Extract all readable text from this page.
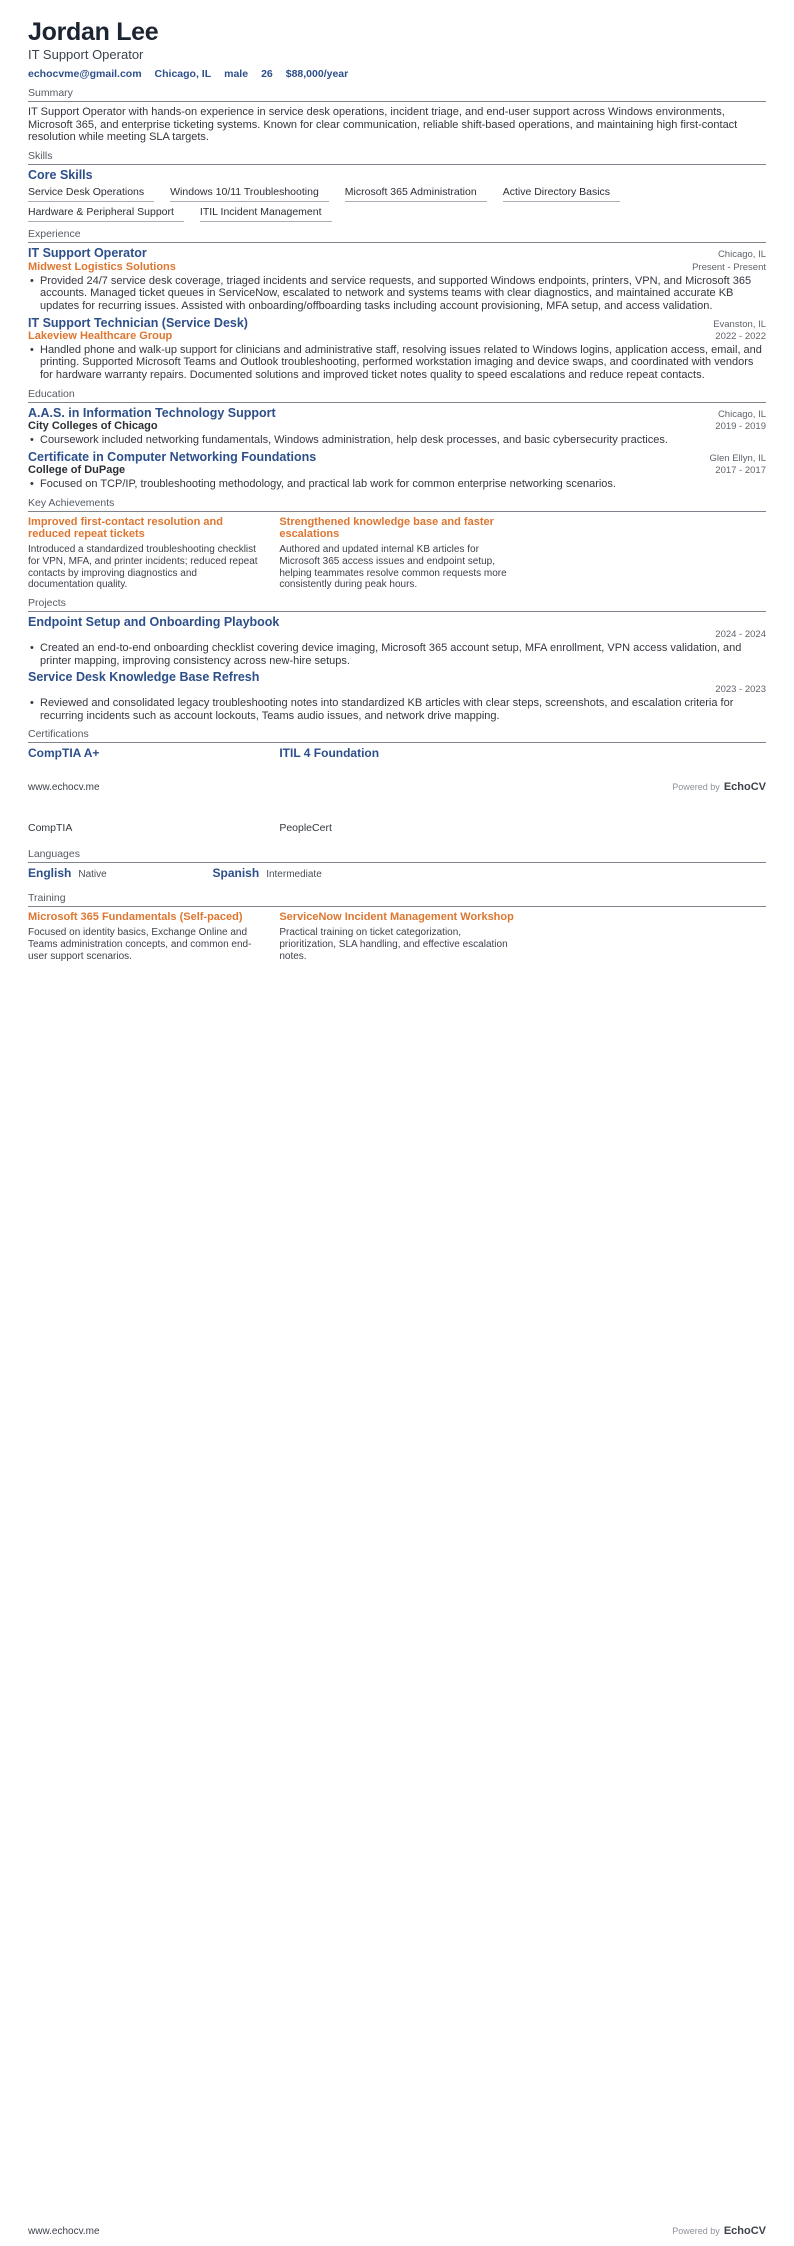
Jordan Lee
IT Support Operator
echocvme@gmail.com Chicago, IL male 26 $88,000/year
Summary
IT Support Operator with hands-on experience in service desk operations, incident triage, and end-user support across Windows environments, Microsoft 365, and enterprise ticketing systems. Known for clear communication, reliable shift-based operations, and maintaining high first-contact resolution while meeting SLA targets.
Skills
Core Skills
Service Desk Operations	Windows 10/11 Troubleshooting	Microsoft 365 Administration	Active Directory Basics
Hardware & Peripheral Support	ITIL Incident Management
Experience
IT Support Operator	Chicago, IL
Midwest Logistics Solutions	Present - Present
• Provided 24/7 service desk coverage, triaged incidents and service requests, and supported Windows endpoints, printers, VPN, and Microsoft 365 accounts. Managed ticket queues in ServiceNow, escalated to network and systems teams with clear diagnostics, and maintained accurate KB updates for recurring issues. Assisted with onboarding/offboarding tasks including account provisioning, MFA setup, and access validation.
IT Support Technician (Service Desk)	Evanston, IL
Lakeview Healthcare Group	2022 - 2022
• Handled phone and walk-up support for clinicians and administrative staff, resolving issues related to Windows logins, application access, email, and printing. Supported Microsoft Teams and Outlook troubleshooting, performed workstation imaging and device swaps, and coordinated with vendors for hardware warranty repairs. Documented solutions and improved ticket notes quality to speed escalations and reduce repeat contacts.
Education
A.A.S. in Information Technology Support	Chicago, IL
City Colleges of Chicago	2019 - 2019
• Coursework included networking fundamentals, Windows administration, help desk processes, and basic cybersecurity practices.
Certificate in Computer Networking Foundations	Glen Ellyn, IL
College of DuPage	2017 - 2017
• Focused on TCP/IP, troubleshooting methodology, and practical lab work for common enterprise networking scenarios.
Key Achievements
Improved first-contact resolution and reduced repeat tickets
Introduced a standardized troubleshooting checklist for VPN, MFA, and printer incidents; reduced repeat contacts by improving diagnostics and documentation quality.
Strengthened knowledge base and faster escalations
Authored and updated internal KB articles for Microsoft 365 access issues and endpoint setup, helping teammates resolve common requests more consistently during peak hours.
Projects
Endpoint Setup and Onboarding Playbook
2024 - 2024
• Created an end-to-end onboarding checklist covering device imaging, Microsoft 365 account setup, MFA enrollment, VPN access validation, and printer mapping, improving consistency across new-hire setups.
Service Desk Knowledge Base Refresh
2023 - 2023
• Reviewed and consolidated legacy troubleshooting notes into standardized KB articles with clear steps, screenshots, and escalation criteria for recurring incidents such as account lockouts, Teams audio issues, and network drive mapping.
Certifications
CompTIA A+	ITIL 4 Foundation
www.echocv.me	Powered by EchoCV
CompTIA	PeopleCert
Languages
English Native	Spanish Intermediate
Training
Microsoft 365 Fundamentals (Self-paced)
Focused on identity basics, Exchange Online and Teams administration concepts, and common end-user support scenarios.
ServiceNow Incident Management Workshop
Practical training on ticket categorization, prioritization, SLA handling, and effective escalation notes.
www.echocv.me	Powered by EchoCV
